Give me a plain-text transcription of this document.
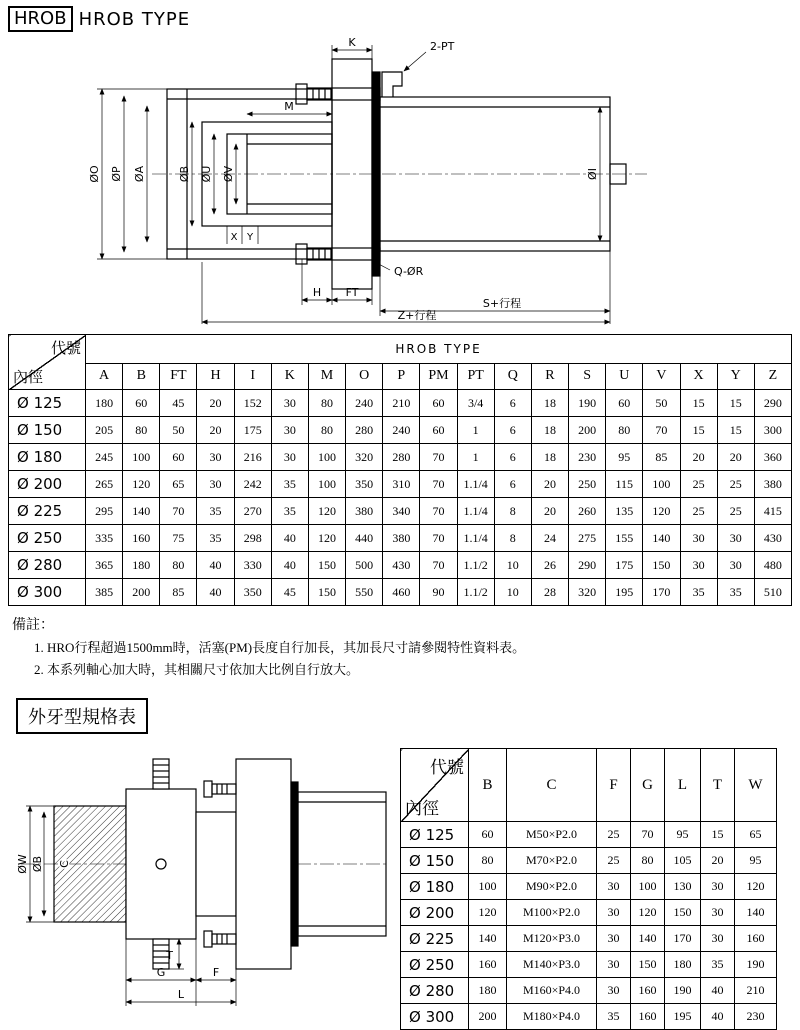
HROB HROB TYPE
K	2-PT
M
ØO ØP ØA	ØB ØU ØV	ØI
X Y
Q-ØR
H FT
S+行程
Z+行程
代號
內徑	HROB TYPE																		
	A	B	FT	H	I	K	M	O	P	PM	PT	Q	R	S	U	V	X	Y	Z
Ø 125	180	60	45	20	152	30	80	240	210	60	3/4	6	18	190	60	50	15	15	290
Ø 150	205	80	50	20	175	30	80	280	240	60	1	6	18	200	80	70	15	15	300
Ø 180	245	100	60	30	216	30	100	320	280	70	1	6	18	230	95	85	20	20	360
Ø 200	265	120	65	30	242	35	100	350	310	70	1.1/4	6	20	250	115	100	25	25	380
Ø 225	295	140	70	35	270	35	120	380	340	70	1.1/4	8	20	260	135	120	25	25	415
Ø 250	335	160	75	35	298	40	120	440	380	70	1.1/4	8	24	275	155	140	30	30	430
Ø 280	365	180	80	40	330	40	150	500	430	70	1.1/2	10	26	290	175	150	30	30	480
Ø 300	385	200	85	40	350	45	150	550	460	90	1.1/2	10	28	320	195	170	35	35	510
備註：
1. HRO行程超過1500mm時，活塞(PM)長度自行加長，其加長尺寸請參閱特性資料表。
2. 本系列軸心加大時，其相關尺寸依加大比例自行放大。
外牙型規格表
ØW ØB C
T
G	F
L
代號
內徑	B	C	F	G	L	T	W
Ø 125	60	M50×P2.0	25	70	95	15	65
Ø 150	80	M70×P2.0	25	80	105	20	95
Ø 180	100	M90×P2.0	30	100	130	30	120
Ø 200	120	M100×P2.0	30	120	150	30	140
Ø 225	140	M120×P3.0	30	140	170	30	160
Ø 250	160	M140×P3.0	30	150	180	35	190
Ø 280	180	M160×P4.0	30	160	190	40	210
Ø 300	200	M180×P4.0	35	160	195	40	230
